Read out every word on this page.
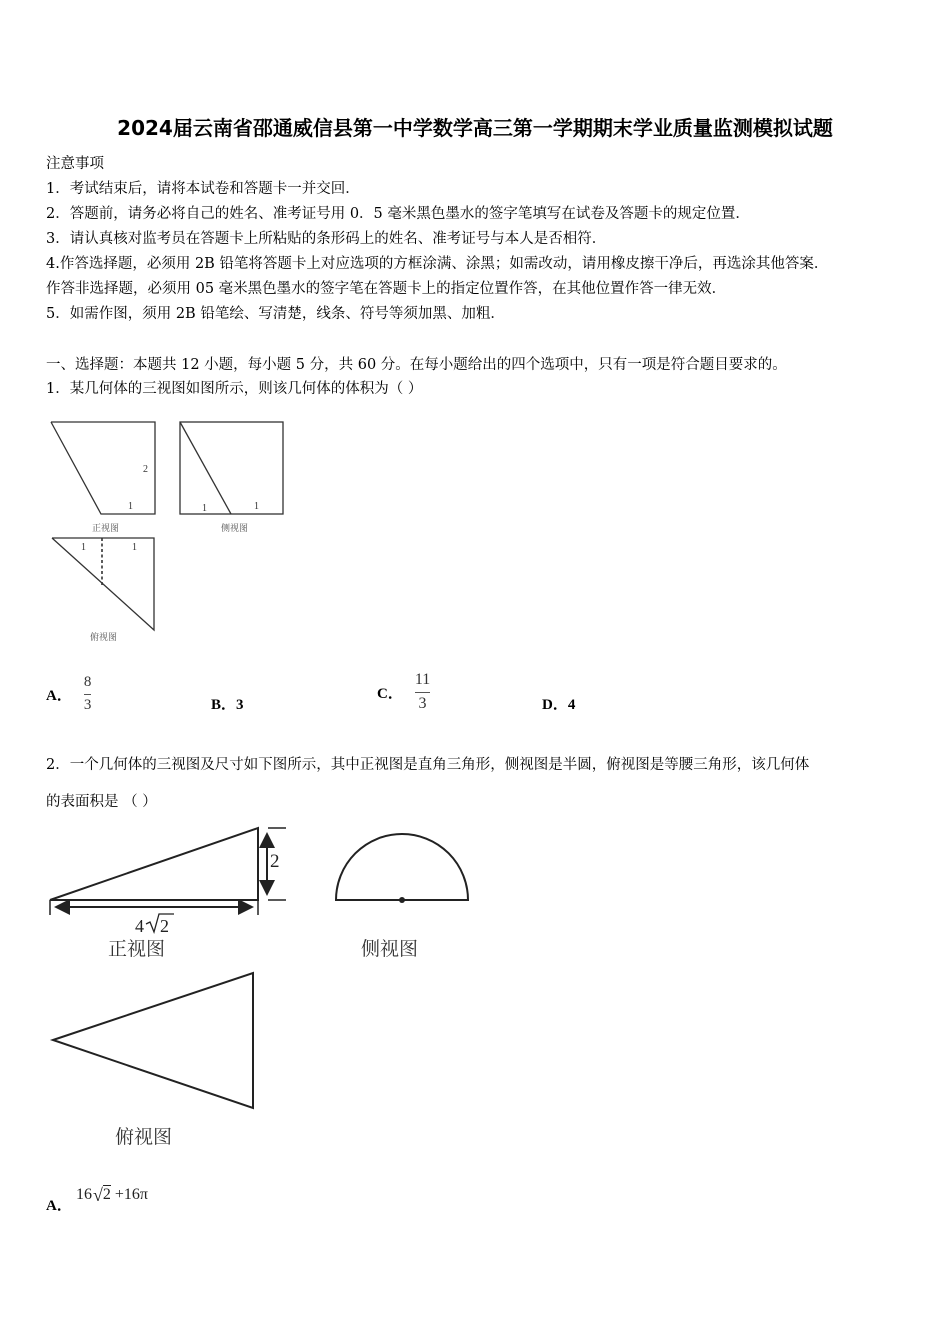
2024届云南省邵通威信县第一中学数学高三第一学期期末学业质量监测模拟试题
注意事项
1．考试结束后，请将本试卷和答题卡一并交回．
2．答题前，请务必将自己的姓名、准考证号用 0．5 毫米黑色墨水的签字笔填写在试卷及答题卡的规定位置．
3．请认真核对监考员在答题卡上所粘贴的条形码上的姓名、准考证号与本人是否相符．
4.作答选择题，必须用 2B 铅笔将答题卡上对应选项的方框涂满、涂黑；如需改动，请用橡皮擦干净后，再选涂其他答案．
作答非选择题，必须用 05 毫米黑色墨水的签字笔在答题卡上的指定位置作答，在其他位置作答一律无效．
5．如需作图，须用 2B 铅笔绘、写清楚，线条、符号等须加黑、加粗．
一、选择题：本题共 12 小题，每小题 5 分，共 60 分。在每小题给出的四个选项中，只有一项是符合题目要求的。
1．某几何体的三视图如图所示，则该几何体的体积为（ ）
2
1	1	1
1	1
正视图	侧视图
俯视图
A． $\frac{8}{3}$	B．3
C． $\frac{11}{3}$	D．4
2．一个几何体的三视图及尺寸如下图所示，其中正视图是直角三角形，侧视图是半圆，俯视图是等腰三角形，该几何体
的表面积是 （ ）
2
4 2
正视图	侧视图
俯视图
A．
16 √ 2 +16π
